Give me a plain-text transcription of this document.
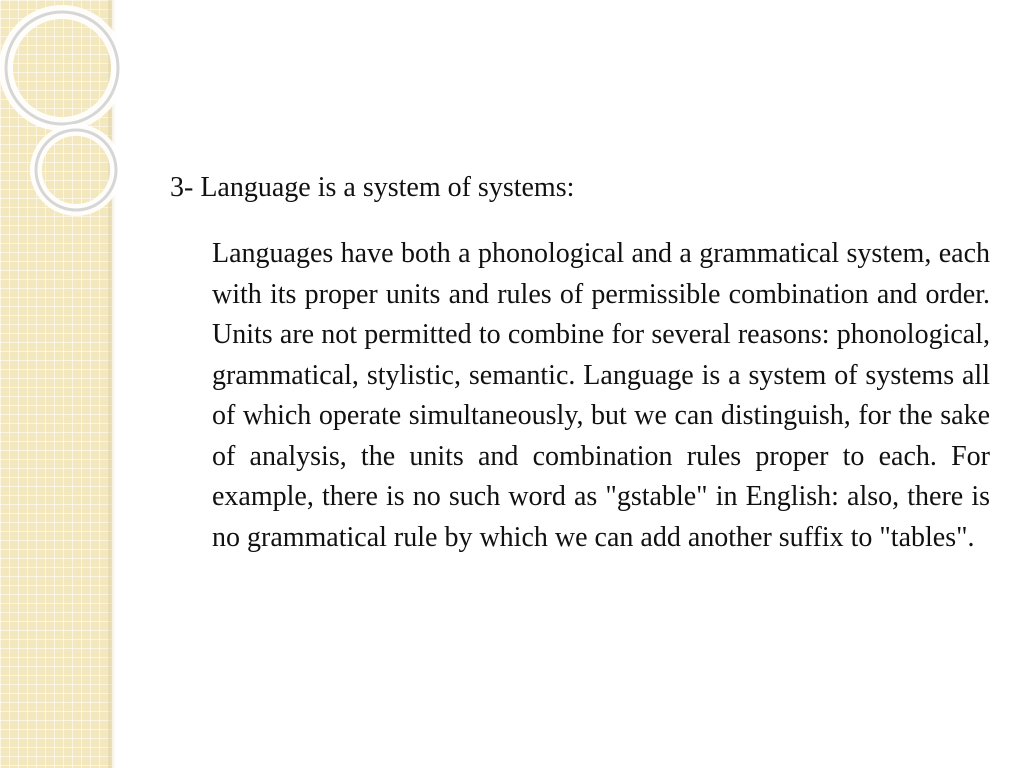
3- Language is a system of systems:

Languages have both a phonological and a grammatical system, each with its proper units and rules of permissible combination and order. Units are not permitted to combine for several reasons: phonological, grammatical, stylistic, semantic. Language is a system of systems all of which operate simultaneously, but we can distinguish, for the sake of analysis, the units and combination rules proper to each. For example, there is no such word as "gstable" in English: also, there is no grammatical rule by which we can add another suffix to "tables".
